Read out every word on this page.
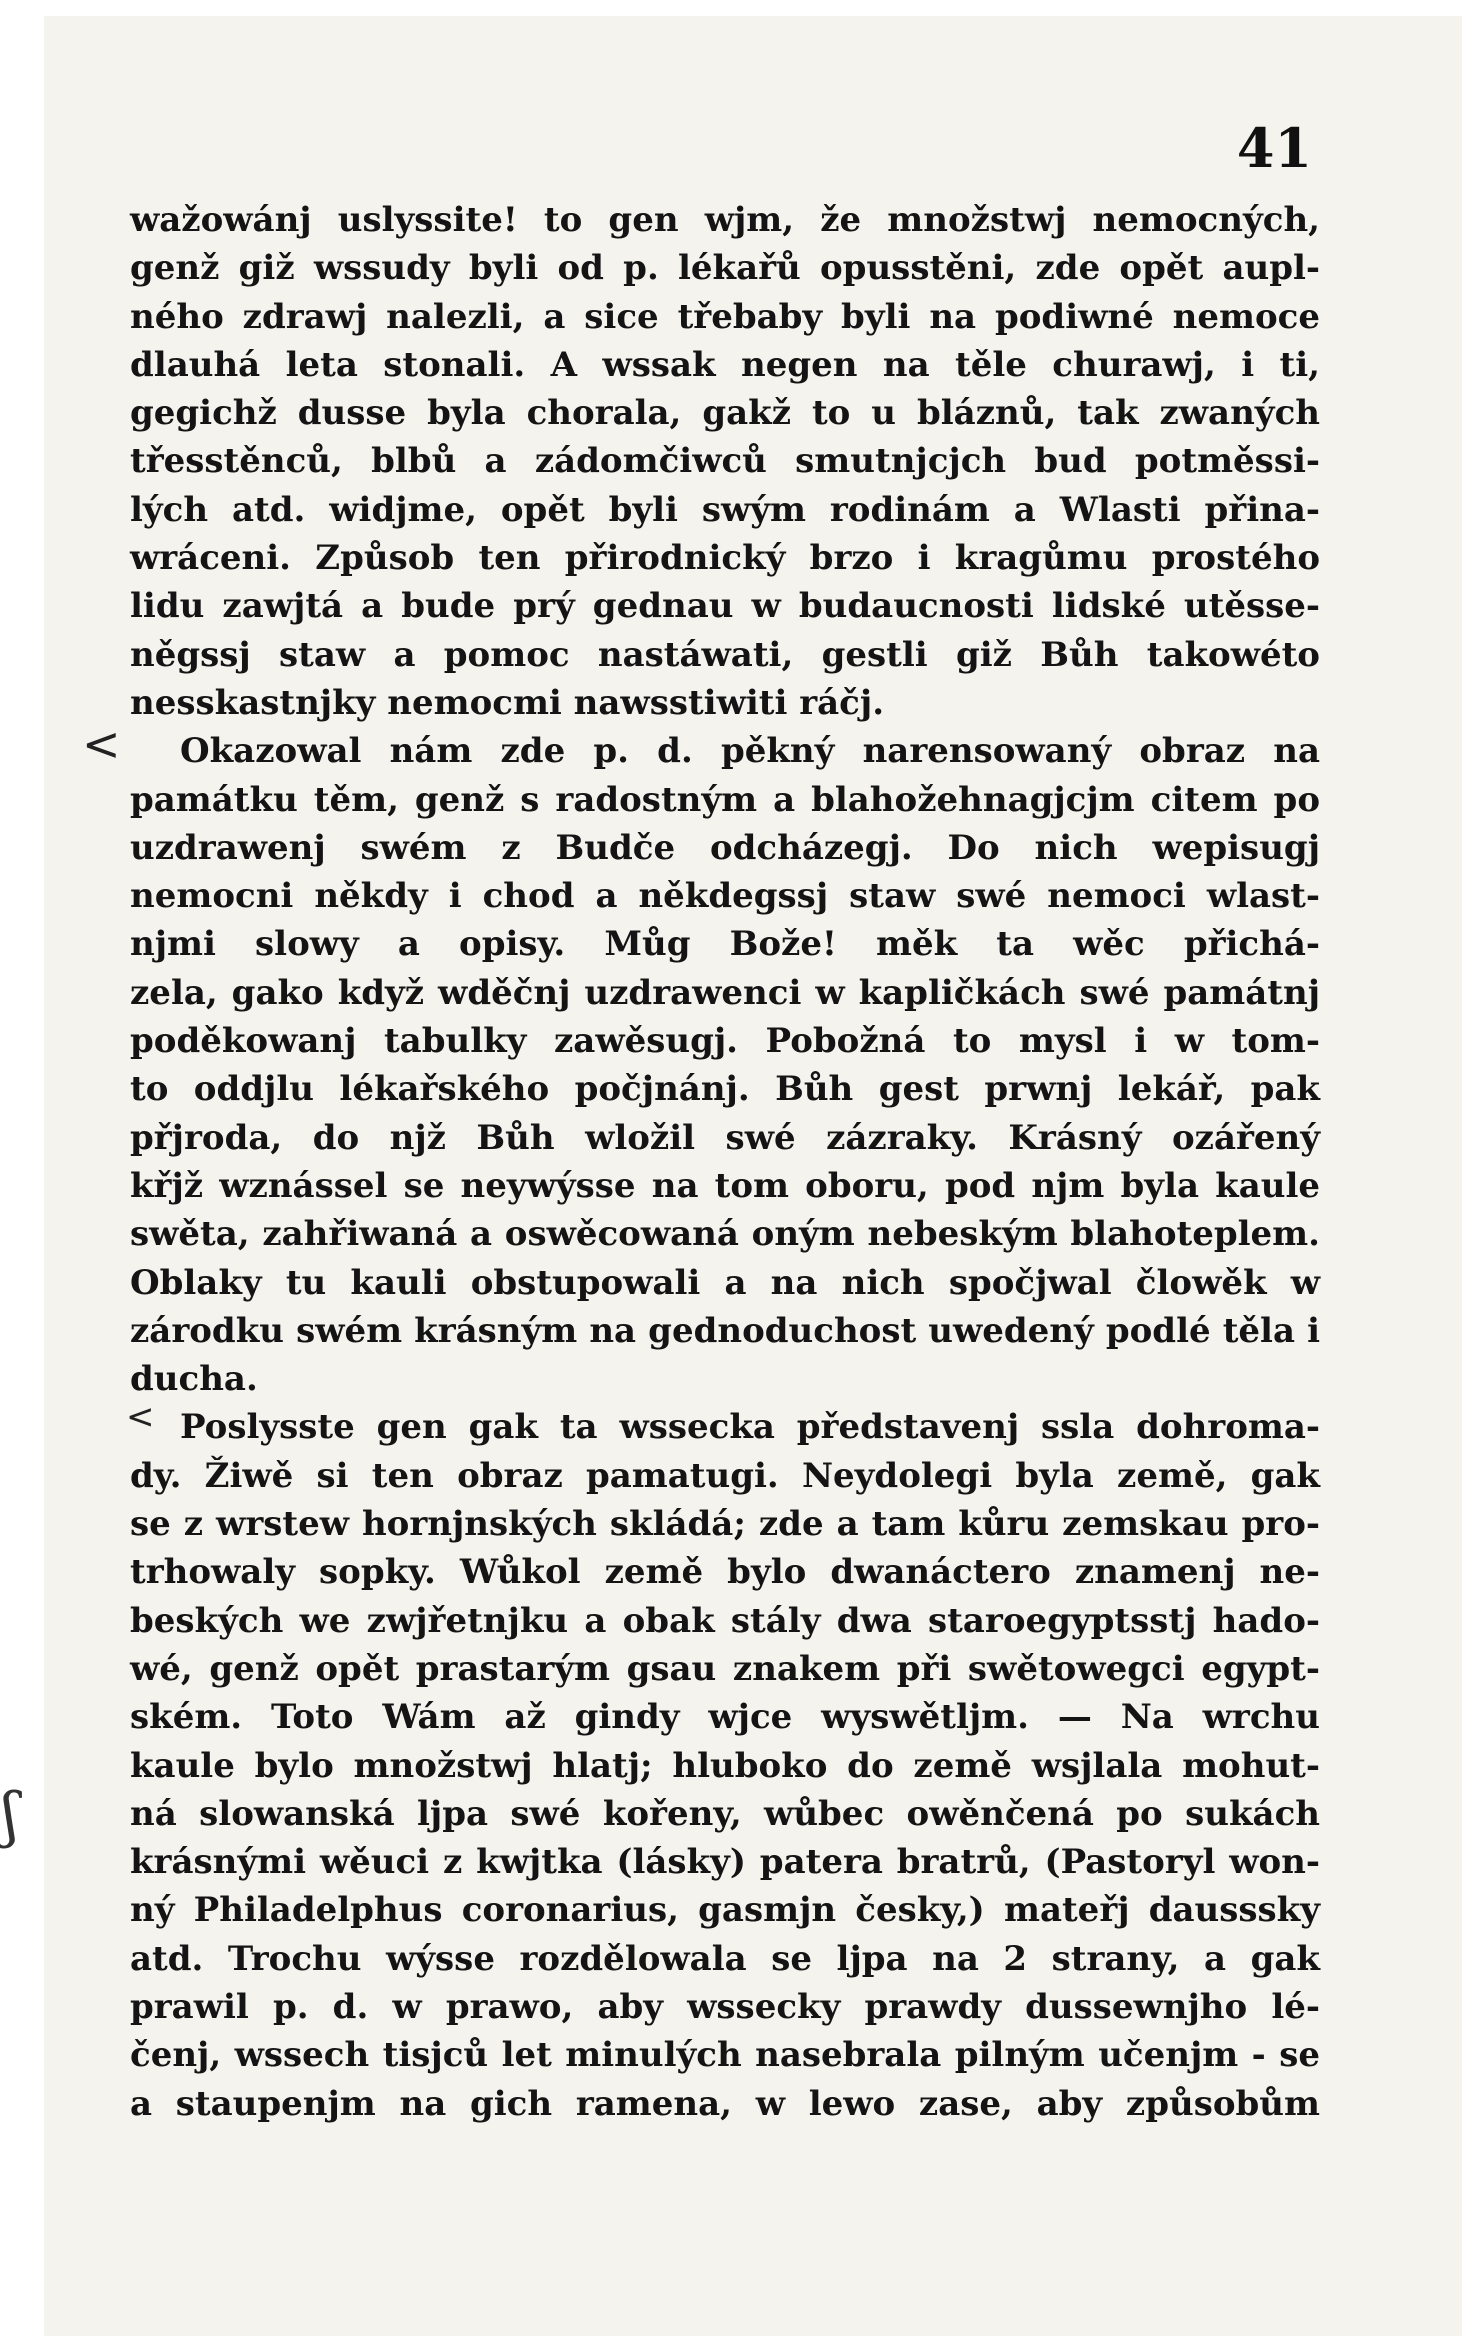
41
ʃ
wažowánj uslyssite! to gen wjm, že množstwj nemocných,
genž giž wssudy byli od p. lékařů opusstěni, zde opět aupl-
ného zdrawj nalezli, a sice třebaby byli na podiwné nemoce
dlauhá leta stonali. A wssak negen na těle churawj, i ti,
gegichž dusse byla chorala, gakž to u bláznů, tak zwaných
třesstěnců, blbů a zádomčiwců smutnjcjch bud potměssi-
lých atd. widjme, opět byli swým rodinám a Wlasti přina-
wráceni. Způsob ten přirodnický brzo i kragůmu prostého
lidu zawjtá a bude prý gednau w budaucnosti lidské utěsse-
něgssj staw a pomoc nastáwati, gestli giž Bůh takowéto
nesskastnjky nemocmi nawsstiwiti ráčj.
Okazowal nám zde p. d. pěkný narensowaný obraz na
památku těm, genž s radostným a blahožehnagjcjm citem po
uzdrawenj swém z Budče odcházegj. Do nich wepisugj
nemocni někdy i chod a někdegssj staw swé nemoci wlast-
njmi slowy a opisy. Můg Bože! měk ta wěc přichá-
zela, gako když wděčnj uzdrawenci w kapličkách swé památnj
poděkowanj tabulky zawěsugj. Pobožná to mysl i w tom-
to oddjlu lékařského počjnánj. Bůh gest prwnj lekář, pak
přjroda, do njž Bůh wložil swé zázraky. Krásný ozářený
křjž wznássel se neywýsse na tom oboru, pod njm byla kaule
swěta, zahřiwaná a oswěcowaná oným nebeským blahoteplem.
Oblaky tu kauli obstupowali a na nich spočjwal člowěk w
zárodku swém krásným na gednoduchost uwedený podlé těla i
ducha.
Poslysste gen gak ta wssecka představenj ssla dohromа-
dy. Žiwě si ten obraz pamatugi. Neydolegi byla země, gak
se z wrstew hornjnských skládá; zde a tam kůru zemskau pro-
trhowaly sopky. Wůkol země bylo dwanáctero znamenj ne-
beských we zwjřetnjku a obak stály dwa staroegyptsstj hado-
wé, genž opět prastarým gsau znakem při swětowegci egypt-
ském. Toto Wám až gindy wjce wyswětljm. — Na wrchu
kaule bylo množstwj hlatj; hluboko do země wsjlala mohut-
ná slowanská ljpa swé kořeny, wůbec owěnčená po sukách
krásnými wěuci z kwjtka (lásky) patera bratrů, (Pastoryl won-
ný Philadelphus coronarius, gasmjn česky,) mateřj dausssky
atd. Trochu wýsse rozdělowala se ljpa na 2 strany, a gak
prawil p. d. w prawo, aby wssecky prawdy dussewnjho lé-
čenj, wssech tisjců let minulých nasebrala pilným učenjm - se
a staupenjm na gich ramena, w lewo zase, aby způsobům
<
<
